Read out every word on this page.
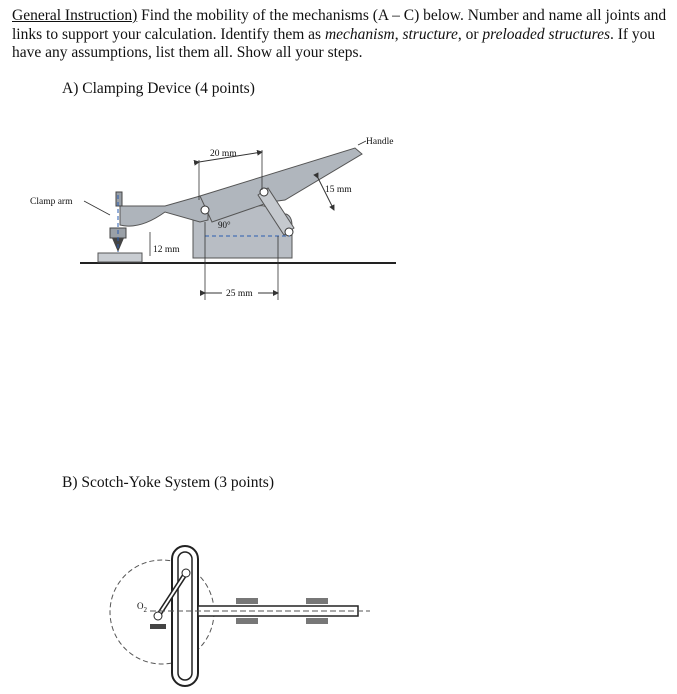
General Instruction) Find the mobility of the mechanisms (A – C) below. Number and name all joints and links to support your calculation. Identify them as mechanism, structure, or preloaded structures. If you have any assumptions, list them all. Show all your steps.
A) Clamping Device (4 points)
Handle
Clamp arm
20 mm
15 mm
12 mm
25 mm
90°
B) Scotch-Yoke System (3 points)
$O_2$
